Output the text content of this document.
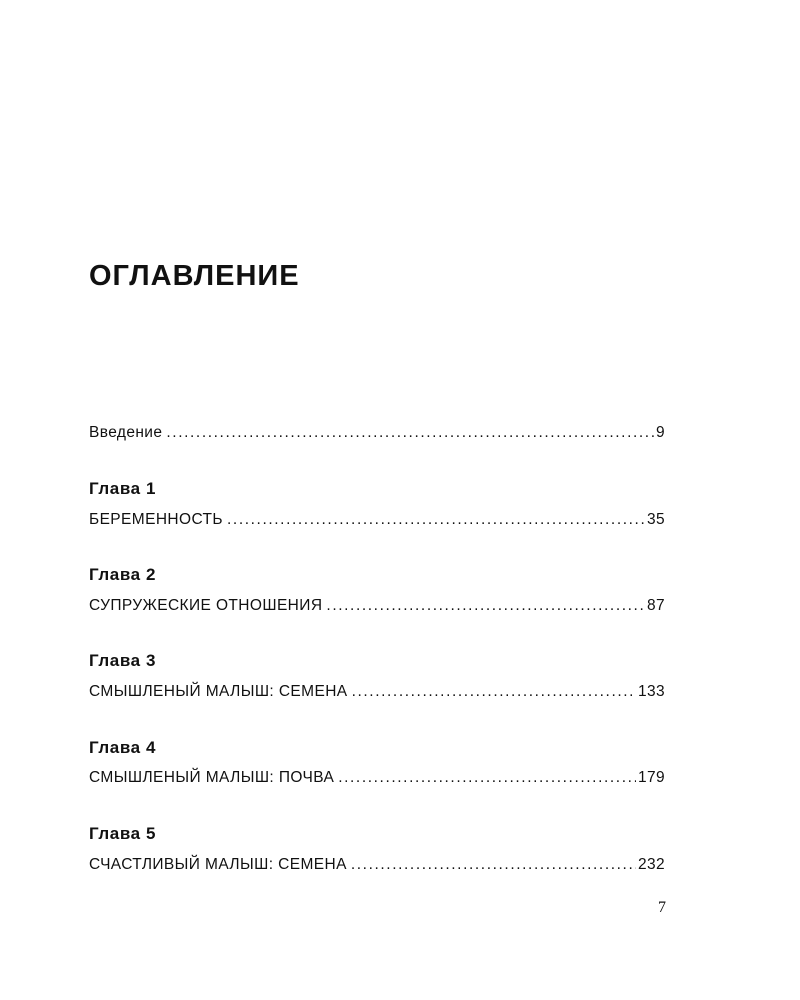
ОГЛАВЛЕНИЕ
Введение .....	9
Глава 1
БЕРЕМЕННОСТЬ .....	35
Глава 2
СУПРУЖЕСКИЕ ОТНОШЕНИЯ .....	87
Глава 3
СМЫШЛЕНЫЙ МАЛЫШ: СЕМЕНА .....	133
Глава 4
СМЫШЛЕНЫЙ МАЛЫШ: ПОЧВА .....	179
Глава 5
СЧАСТЛИВЫЙ МАЛЫШ: СЕМЕНА .....	232
7
